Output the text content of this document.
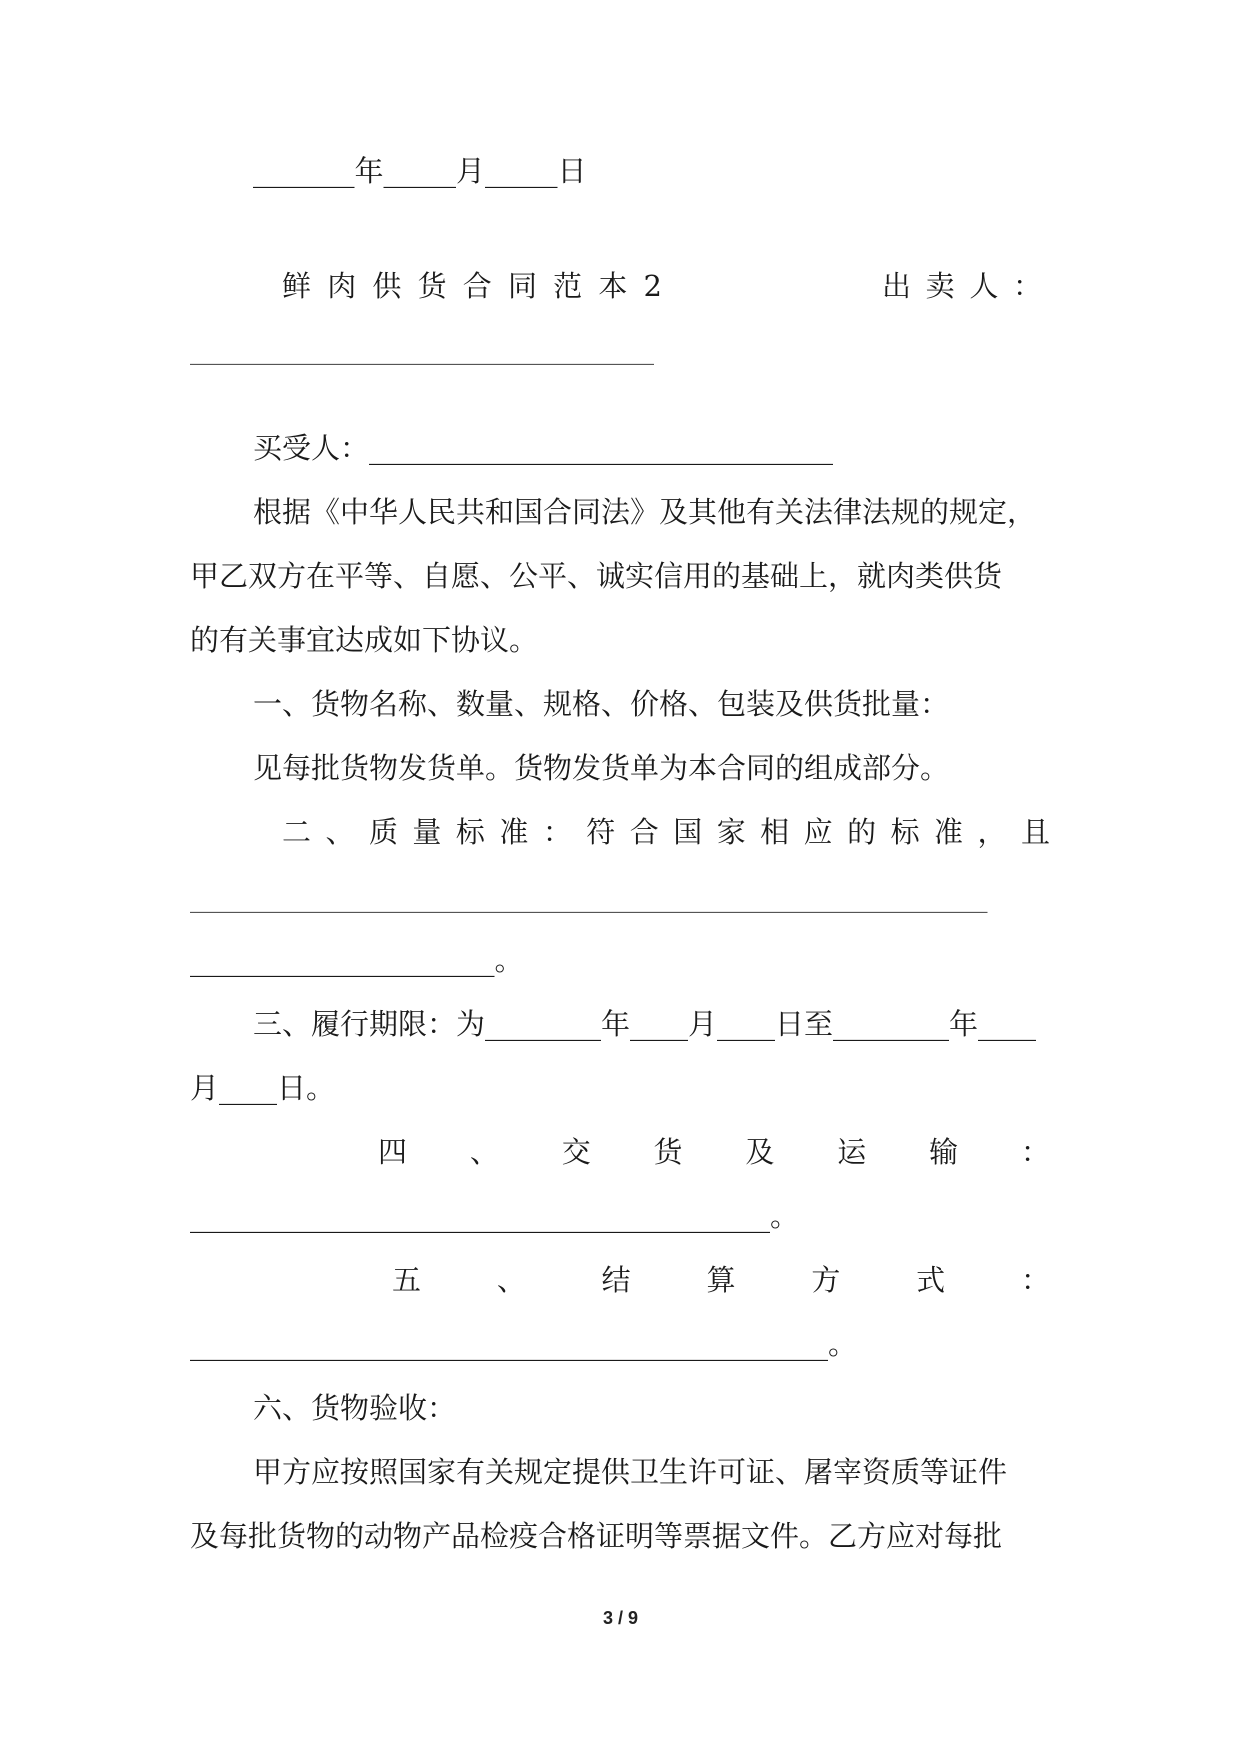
_______年_____月_____日
鲜 肉 供 货 合 同 范 本 2	出 卖 人 ：
________________________________
买受人：________________________________
根据《中华人民共和国合同法》及其他有关法律法规的规定，
甲乙双方在平等、自愿、公平、诚实信用的基础上，就肉类供货
的有关事宜达成如下协议。
一、货物名称、数量、规格、价格、包装及供货批量：
见每批货物发货单。货物发货单为本合同的组成部分。
二 、 质 量 标 准 ： 符 合 国 家 相 应 的 标 准 ， 且
_______________________________________________________
_____________________。
三、履行期限：为________年____月____日至________年____
月____日。
四 、 交 货 及 运 输 ：
________________________________________。
五	、	结	算	方	式	：
____________________________________________。
六、货物验收：
甲方应按照国家有关规定提供卫生许可证、屠宰资质等证件
及每批货物的动物产品检疫合格证明等票据文件。乙方应对每批
3 / 9
